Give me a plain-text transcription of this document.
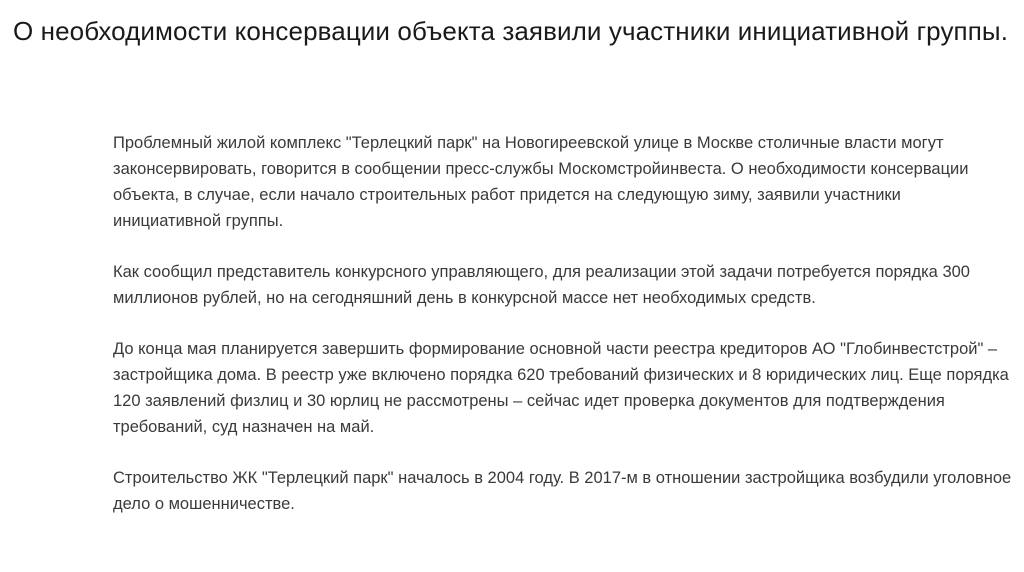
О необходимости консервации объекта заявили участники инициативной группы.

Проблемный жилой комплекс "Терлецкий парк" на Новогиреевской улице в Москве столичные власти могут законсервировать, говорится в сообщении пресс-службы Москомстройинвеста. О необходимости консервации объекта, в случае, если начало строительных работ придется на следующую зиму, заявили участники инициативной группы.

Как сообщил представитель конкурсного управляющего, для реализации этой задачи потребуется порядка 300 миллионов рублей, но на сегодняшний день в конкурсной массе нет необходимых средств.

До конца мая планируется завершить формирование основной части реестра кредиторов АО "Глобинвестстрой" – застройщика дома. В реестр уже включено порядка 620 требований физических и 8 юридических лиц. Еще порядка 120 заявлений физлиц и 30 юрлиц не рассмотрены – сейчас идет проверка документов для подтверждения требований, суд назначен на май.

Строительство ЖК "Терлецкий парк" началось в 2004 году. В 2017-м в отношении застройщика возбудили уголовное дело о мошенничестве.
